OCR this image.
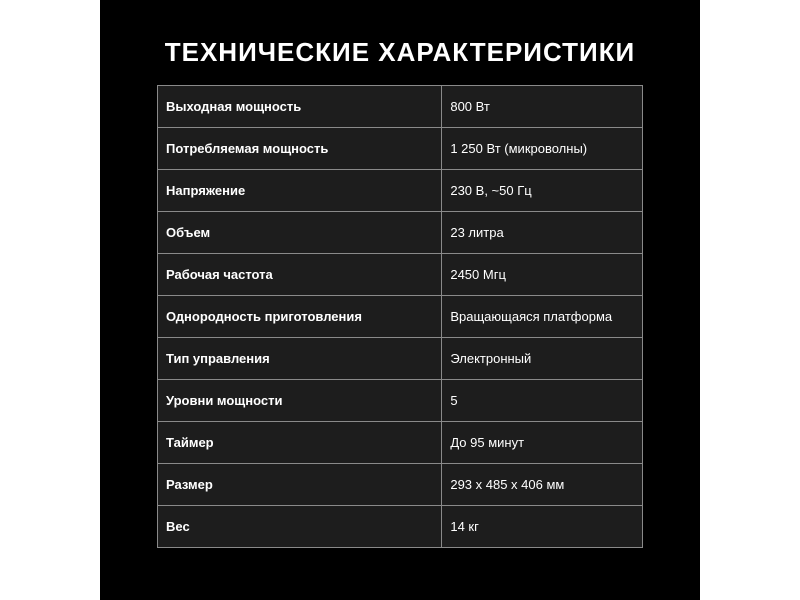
ТЕХНИЧЕСКИЕ ХАРАКТЕРИСТИКИ
Выходная мощность	800 Вт
Потребляемая мощность	1 250 Вт (микроволны)
Напряжение	230 В, ~50 Гц
Объем	23 литра
Рабочая частота	2450 Мгц
Однородность приготовления	Вращающаяся платформа
Тип управления	Электронный
Уровни мощности	5
Таймер	До 95 минут
Размер	293 х 485 х 406 мм
Вес	14 кг
